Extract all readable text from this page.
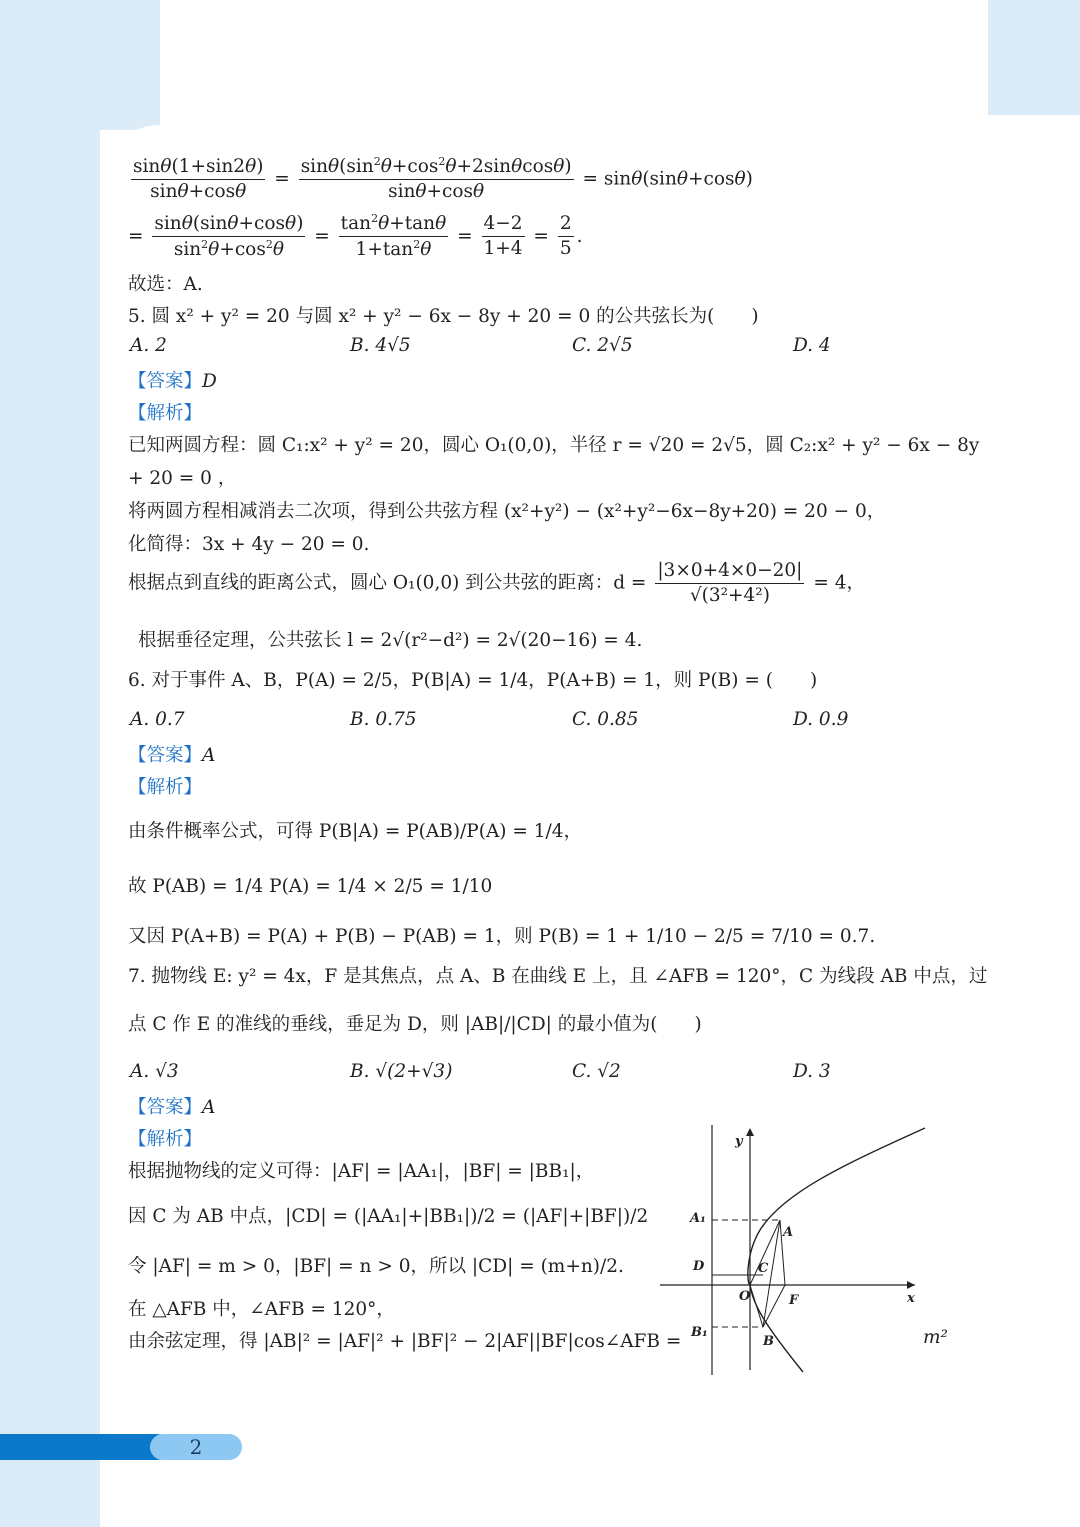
$\frac{\sin\theta(1+\sin 2\theta)}{\sin\theta+\cos\theta} = \frac{\sin\theta(\sin^2\theta+\cos^2\theta+2\sin\theta\cos\theta)}{\sin\theta+\cos\theta} = \sin\theta(\sin\theta+\cos\theta)$
= $\frac{\sin\theta(\sin\theta+\cos\theta)}{\sin^2\theta+\cos^2\theta} = \frac{\tan^2\theta+\tan\theta}{1+\tan^2\theta} = \frac{4-2}{1+4} = \frac{2}{5}$ .
故选：A.
5. 圆 x² + y² = 20 与圆 x² + y² − 6x − 8y + 20 = 0 的公共弦长为(　　)
A. 2	B. 4√5	C. 2√5	D. 4
【答案】D
【解析】
已知两圆方程：圆 C₁:x² + y² = 20，圆心 O₁(0,0)，半径 r = √20 = 2√5，圆 C₂:x² + y² − 6x − 8y
+ 20 = 0 ，
将两圆方程相减消去二次项，得到公共弦方程 (x²+y²) − (x²+y²−6x−8y+20) = 20 − 0，
化简得：3x + 4y − 20 = 0.
根据点到直线的距离公式，圆心 O₁(0,0) 到公共弦的距离：$d = \frac{|3\times 0+4\times 0-20|}{\text{√(3²+4²)}} = 4$，
根据垂径定理，公共弦长 l = 2√(r²−d²) = 2√(20−16) = 4.
6. 对于事件 A、B，P(A) = 2/5，P(B|A) = 1/4，P(A+B) = 1，则 P(B) = (　　)
A. 0.7	B. 0.75	C. 0.85	D. 0.9
【答案】A
【解析】
由条件概率公式，可得 P(B|A) = P(AB)/P(A) = 1/4，
故 P(AB) = 1/4 P(A) = 1/4 × 2/5 = 1/10
又因 P(A+B) = P(A) + P(B) − P(AB) = 1，则 P(B) = 1 + 1/10 − 2/5 = 7/10 = 0.7.
7. 抛物线 E: y² = 4x，F 是其焦点，点 A、B 在曲线 E 上，且 ∠AFB = 120°，C 为线段 AB 中点，过
点 C 作 E 的准线的垂线，垂足为 D，则 |AB|/|CD| 的最小值为(　　)
A. √3	B. √(2+√3)	C. √2	D. 3
【答案】A
【解析】
根据抛物线的定义可得：|AF| = |AA₁|，|BF| = |BB₁|，
因 C 为 AB 中点，|CD| = (|AA₁|+|BB₁|)/2 = (|AF|+|BF|)/2
令 |AF| = m > 0，|BF| = n > 0，所以 |CD| = (m+n)/2.
在 △AFB 中，∠AFB = 120°，
由余弦定理，得 |AB|² = |AF|² + |BF|² − 2|AF||BF|cos∠AFB =	m²
y
x
A₁
A
D	C
O	F
B₁
B
2
